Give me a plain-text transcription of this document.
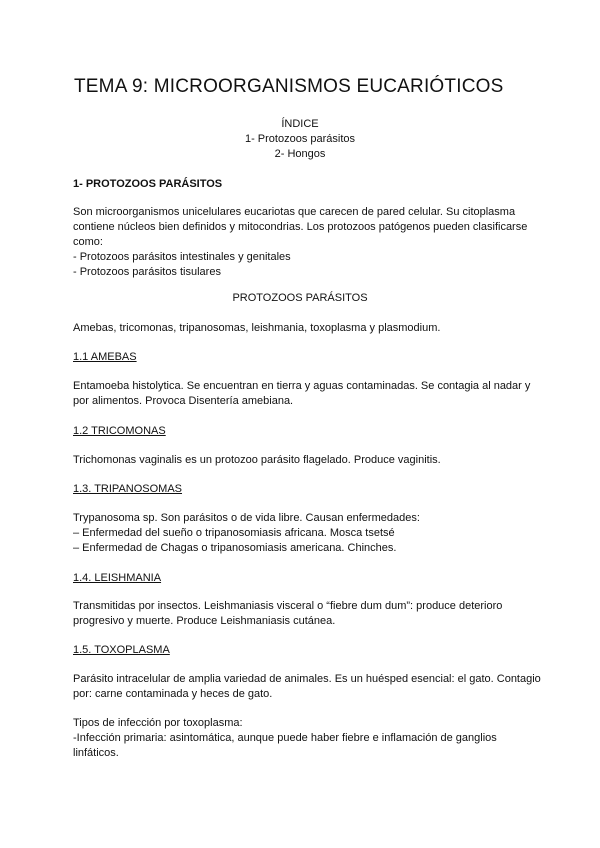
TEMA 9: MICROORGANISMOS EUCARIÓTICOS

ÍNDICE

1- Protozoos parásitos

2- Hongos

1- PROTOZOOS PARÁSITOS

Son microorganismos unicelulares eucariotas que carecen de pared celular. Su citoplasma contiene núcleos bien definidos y mitocondrias. Los protozoos patógenos pueden clasificarse como:

- Protozoos parásitos intestinales y genitales

- Protozoos parásitos tisulares

PROTOZOOS PARÁSITOS
Amebas, tricomonas, tripanosomas, leishmania, toxoplasma y plasmodium.
1.1 AMEBAS
Entamoeba histolytica. Se encuentran en tierra y aguas contaminadas. Se contagia al nadar y por alimentos. Provoca Disentería amebiana.
1.2 TRICOMONAS
Trichomonas vaginalis es un protozoo parásito flagelado. Produce vaginitis.
1.3. TRIPANOSOMAS

Trypanosoma sp. Son parásitos o de vida libre. Causan enfermedades:

– Enfermedad del sueño o tripanosomiasis africana. Mosca tsetsé

– Enfermedad de Chagas o tripanosomiasis americana. Chinches.

1.4. LEISHMANIA
Transmitidas por insectos. Leishmaniasis visceral o “fiebre dum dum”: produce deterioro progresivo y muerte. Produce Leishmaniasis cutánea.
1.5. TOXOPLASMA
Parásito intracelular de amplia variedad de animales. Es un huésped esencial: el gato. Contagio por: carne contaminada y heces de gato.

Tipos de infección por toxoplasma:

-Infección primaria: asintomática, aunque puede haber fiebre e inflamación de ganglios linfáticos.
